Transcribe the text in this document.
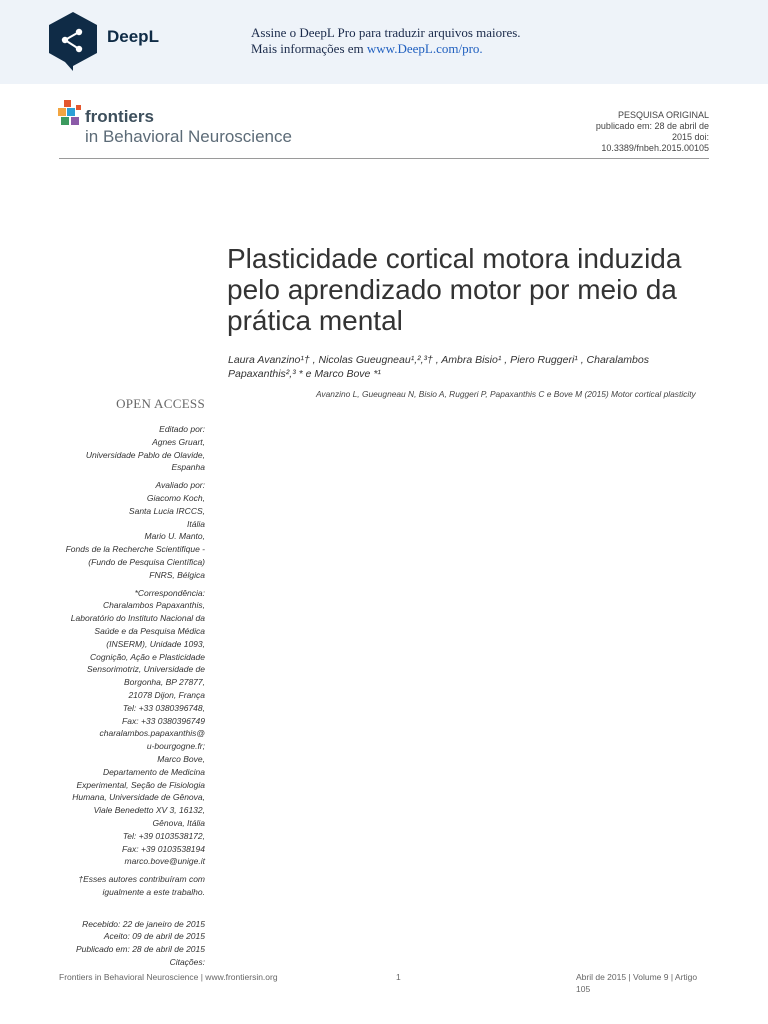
DeepL	Assine o DeepL Pro para traduzir arquivos maiores.
Mais informações em www.DeepL.com/pro.
frontiers
in Behavioral Neuroscience
PESQUISA ORIGINAL
publicado em: 28 de abril de 2015 doi: 10.3389/fnbeh.2015.00105
Plasticidade cortical motora induzida pelo aprendizado motor por meio da prática mental
Laura Avanzino¹† , Nicolas Gueugneau¹,²,³† , Ambra Bisio¹ , Piero Ruggeri¹ , Charalambos
Papaxanthis²,³ * e Marco Bove *¹
Avanzino L, Gueugneau N, Bisio A, Ruggeri P, Papaxanthis C e Bove M (2015) Motor cortical plasticity
OPEN ACCESS
Editado por:
Agnes Gruart,
Universidade Pablo de Olavide,
Espanha
Avaliado por:
Giacomo Koch,
Santa Lucia IRCCS,
Itália
Mario U. Manto,
Fonds de la Recherche Scientifique -
(Fundo de Pesquisa Científica)
FNRS, Bélgica
*Correspondência:
Charalambos Papaxanthis,
Laboratório do Instituto Nacional da
Saúde e da Pesquisa Médica
(INSERM), Unidade 1093,
Cognição, Ação e Plasticidade
Sensorimotriz, Universidade de
Borgonha, BP 27877,
21078 Dijon, França
Tel: +33 0380396748,
Fax: +33 0380396749
charalambos.papaxanthis@
u-bourgogne.fr;
Marco Bove,
Departamento de Medicina
Experimental, Seção de Fisiologia
Humana, Universidade de Gênova,
Viale Benedetto XV 3, 16132,
Gênova, Itália
Tel: +39 0103538172,
Fax: +39 0103538194
marco.bove@unige.it
†Esses autores contribuíram com
igualmente a este trabalho.
Recebido: 22 de janeiro de 2015
Aceito: 09 de abril de 2015
Publicado em: 28 de abril de 2015
Citações:
Frontiers in Behavioral Neuroscience | www.frontiersin.org	1	Abril de 2015 | Volume 9 | Artigo 105
